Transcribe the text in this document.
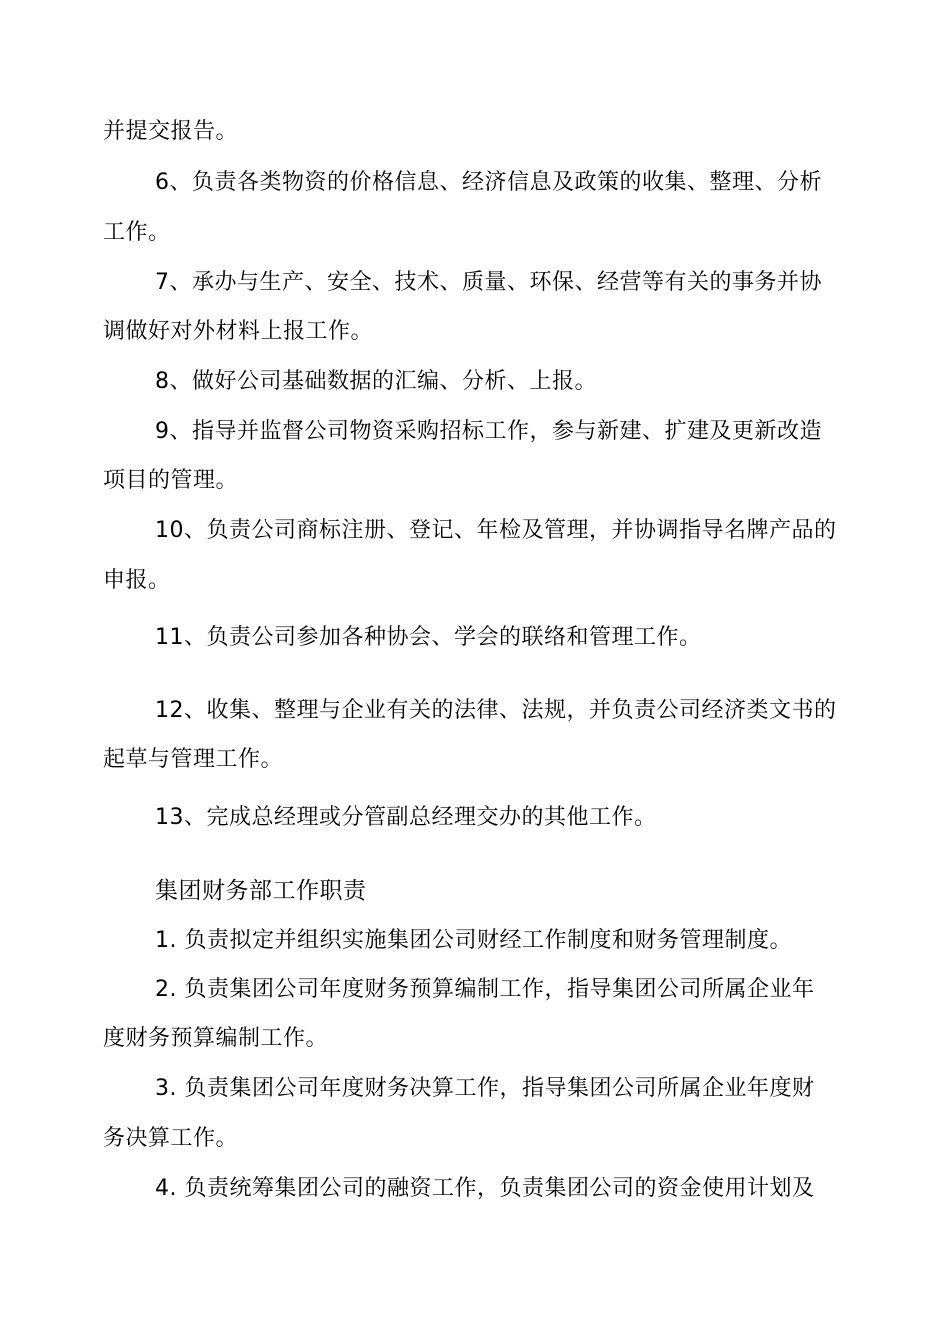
并提交报告。
6、负责各类物资的价格信息、经济信息及政策的收集、整理、分析
工作。
7、承办与生产、安全、技术、质量、环保、经营等有关的事务并协
调做好对外材料上报工作。
8、做好公司基础数据的汇编、分析、上报。
9、指导并监督公司物资采购招标工作，参与新建、扩建及更新改造
项目的管理。
10、负责公司商标注册、登记、年检及管理，并协调指导名牌产品的
申报。
11、负责公司参加各种协会、学会的联络和管理工作。
12、收集、整理与企业有关的法律、法规，并负责公司经济类文书的
起草与管理工作。
13、完成总经理或分管副总经理交办的其他工作。
集团财务部工作职责
1. 负责拟定并组织实施集团公司财经工作制度和财务管理制度。
2. 负责集团公司年度财务预算编制工作，指导集团公司所属企业年
度财务预算编制工作。
3. 负责集团公司年度财务决算工作，指导集团公司所属企业年度财
务决算工作。
4. 负责统筹集团公司的融资工作，负责集团公司的资金使用计划及
